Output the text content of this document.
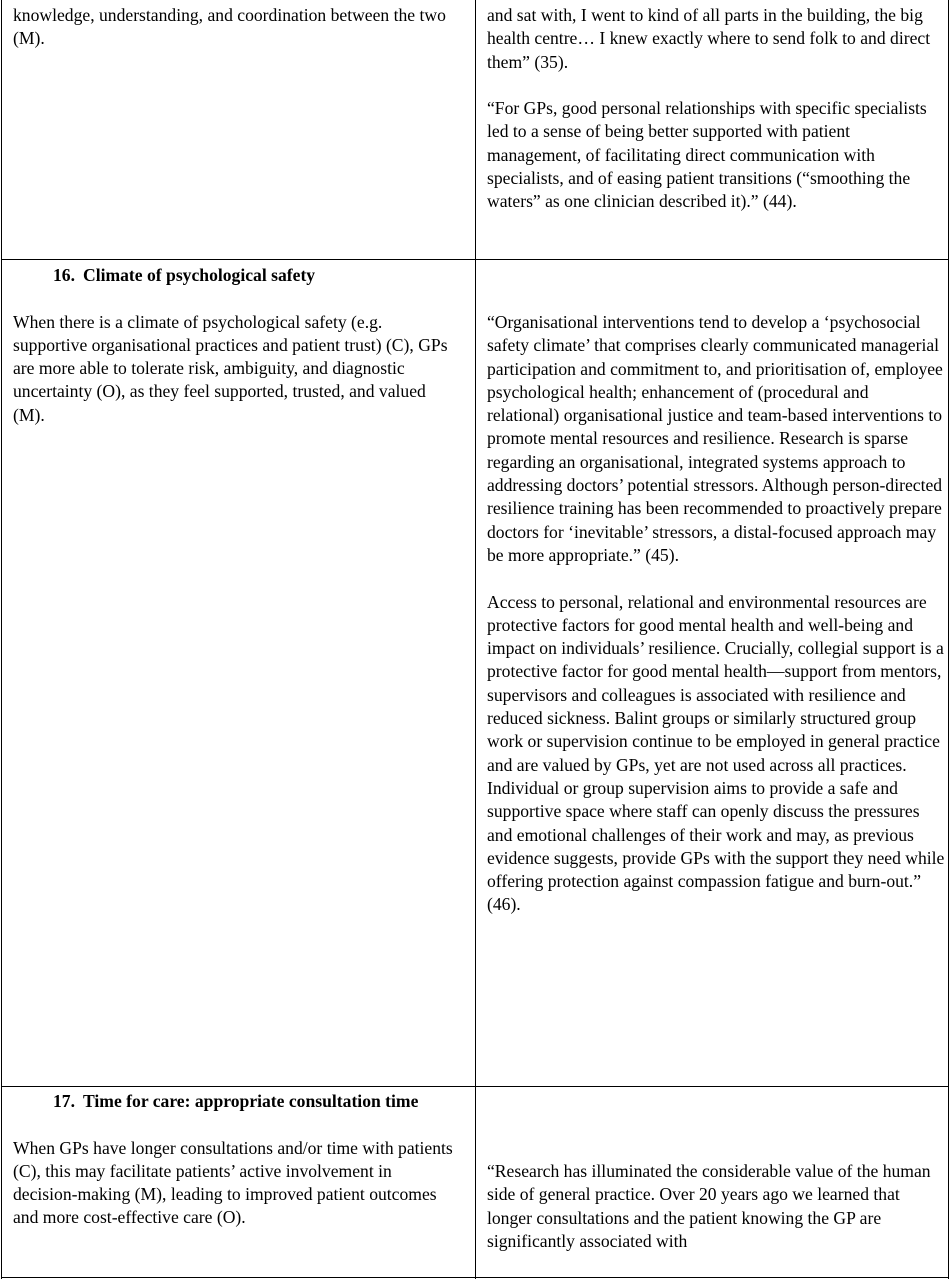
knowledge, understanding, and coordination between the two (M).

and sat with, I went to kind of all parts in the building, the big health centre… I knew exactly where to send folk to and direct them” (35).

“For GPs, good personal relationships with specific specialists led to a sense of being better supported with patient management, of facilitating direct communication with specialists, and of easing patient transitions (“smoothing the waters” as one clinician described it).” (44).

16. Climate of psychological safety

When there is a climate of psychological safety (e.g. supportive organisational practices and patient trust) (C), GPs are more able to tolerate risk, ambiguity, and diagnostic uncertainty (O), as they feel supported, trusted, and valued (M).

“Organisational interventions tend to develop a ‘psychosocial safety climate’ that comprises clearly communicated managerial participation and commitment to, and prioritisation of, employee psychological health; enhancement of (procedural and relational) organisational justice and team-based interventions to promote mental resources and resilience. Research is sparse regarding an organisational, integrated systems approach to addressing doctors’ potential stressors. Although person-directed resilience training has been recommended to proactively prepare doctors for ‘inevitable’ stressors, a distal-focused approach may be more appropriate.” (45).

Access to personal, relational and environmental resources are protective factors for good mental health and well-being and impact on individuals’ resilience. Crucially, collegial support is a protective factor for good mental health—support from mentors, supervisors and colleagues is associated with resilience and reduced sickness. Balint groups or similarly structured group work or supervision continue to be employed in general practice and are valued by GPs, yet are not used across all practices. Individual or group supervision aims to provide a safe and supportive space where staff can openly discuss the pressures and emotional challenges of their work and may, as previous evidence suggests, provide GPs with the support they need while offering protection against compassion fatigue and burn-out.” (46).

17. Time for care: appropriate consultation time

When GPs have longer consultations and/or time with patients (C), this may facilitate patients’ active involvement in decision-making (M), leading to improved patient outcomes and more cost-effective care (O).

“Research has illuminated the considerable value of the human side of general practice. Over 20 years ago we learned that longer consultations and the patient knowing the GP are significantly associated with
